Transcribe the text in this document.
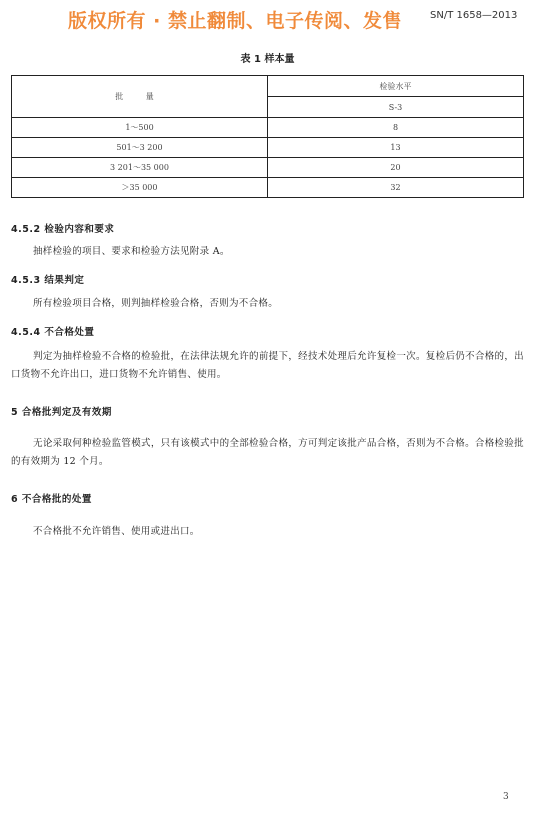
SN/T 1658—2013
版权所有 · 禁止翻制、电子传阅、发售
表 1 样本量
批 量	检验水平
	S-3
1～500	8
501～3 200	13
3 201～35 000	20
＞35 000	32
4.5.2 检验内容和要求
抽样检验的项目、要求和检验方法见附录 A。
4.5.3 结果判定
所有检验项目合格，则判抽样检验合格，否则为不合格。
4.5.4 不合格处置
判定为抽样检验不合格的检验批，在法律法规允许的前提下，经技术处理后允许复检一次。复检后仍不合格的，出口货物不允许出口，进口货物不允许销售、使用。
5 合格批判定及有效期
无论采取何种检验监管模式，只有该模式中的全部检验合格，方可判定该批产品合格，否则为不合格。合格检验批的有效期为 12 个月。
6 不合格批的处置
不合格批不允许销售、使用或进出口。
3
